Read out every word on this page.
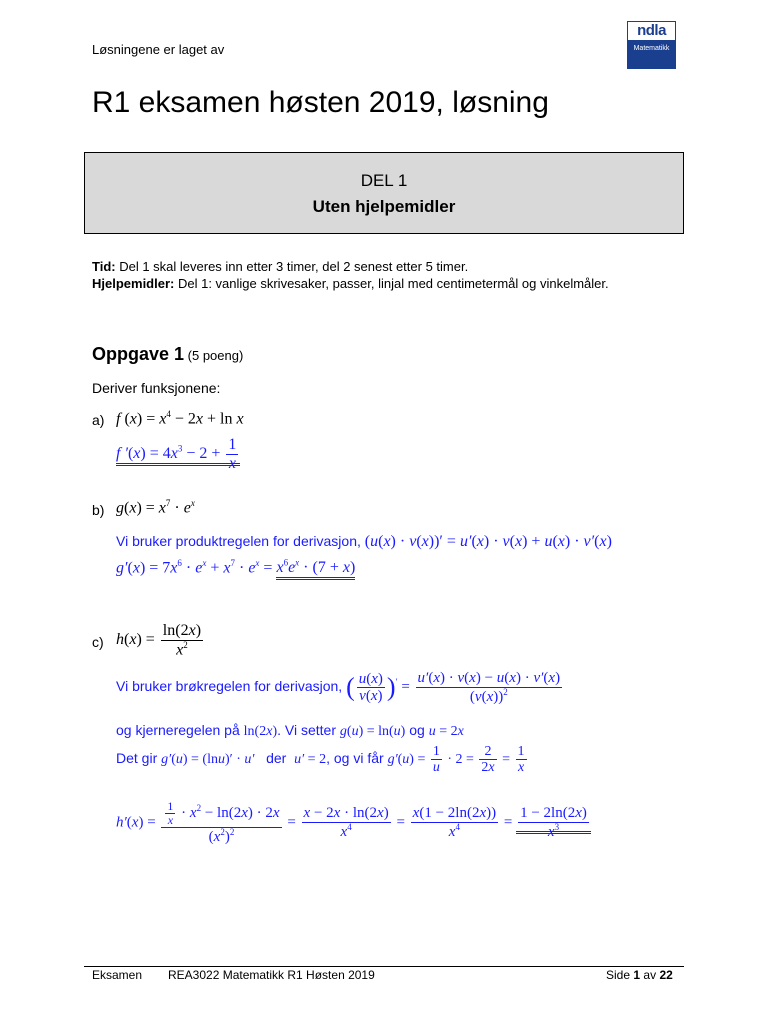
Løsningene er laget av
ndla
Matematikk
R1 eksamen høsten 2019, løsning
DEL 1
Uten hjelpemidler
Tid: Del 1 skal leveres inn etter 3 timer, del 2 senest etter 5 timer.
Hjelpemidler: Del 1: vanlige skrivesaker, passer, linjal med centimetermål og vinkelmåler.
Oppgave 1 (5 poeng)
Deriver funksjonene:
a) f $(x) = x^4 - 2x + \ln x$
f $'(x) = 4x^3 - 2 + \frac{1}{x}$
b) $g(x) = x^7 \cdot e^x$
Vi bruker produktregelen for derivasjon, (u(x) · v(x))′ = u′(x) · v(x) + u(x) · v′(x)
$g'(x) = 7x^6 \cdot e^x + x^7 \cdot e^x = x^6e^x \cdot (7 + x)$
c) $h(x) = \frac{\ln(2x)}{x^2}$
Vi bruker brøkregelen for derivasjon, ( $\frac{u(x)}{v(x)} )' = \frac{u'(x) \cdot v(x) - u(x) \cdot v'(x)}{(v(x))^2}$
og kjerneregelen på ln(2x). Vi setter g(u) = ln(u) og u = 2x
Det gir g′(u) = (lnu)′ · u′ der u′ = 2, og vi får $g'(u) = \frac{1}{u} \cdot 2 = \frac{2}{2x} = \frac{1}{x}$
$h'(x) = \frac{\frac{1}{x} \cdot x^2 - \ln(2x) \cdot 2x}{(x^2)^2} = \frac{x - 2x \cdot \ln(2x)}{x^4} = \frac{x(1 - 2\ln(2x))}{x^4} = \frac{1 - 2\ln(2x)}{x^3}$
Eksamen REA3022 Matematikk R1 Høsten 2019	Side 1 av 22
